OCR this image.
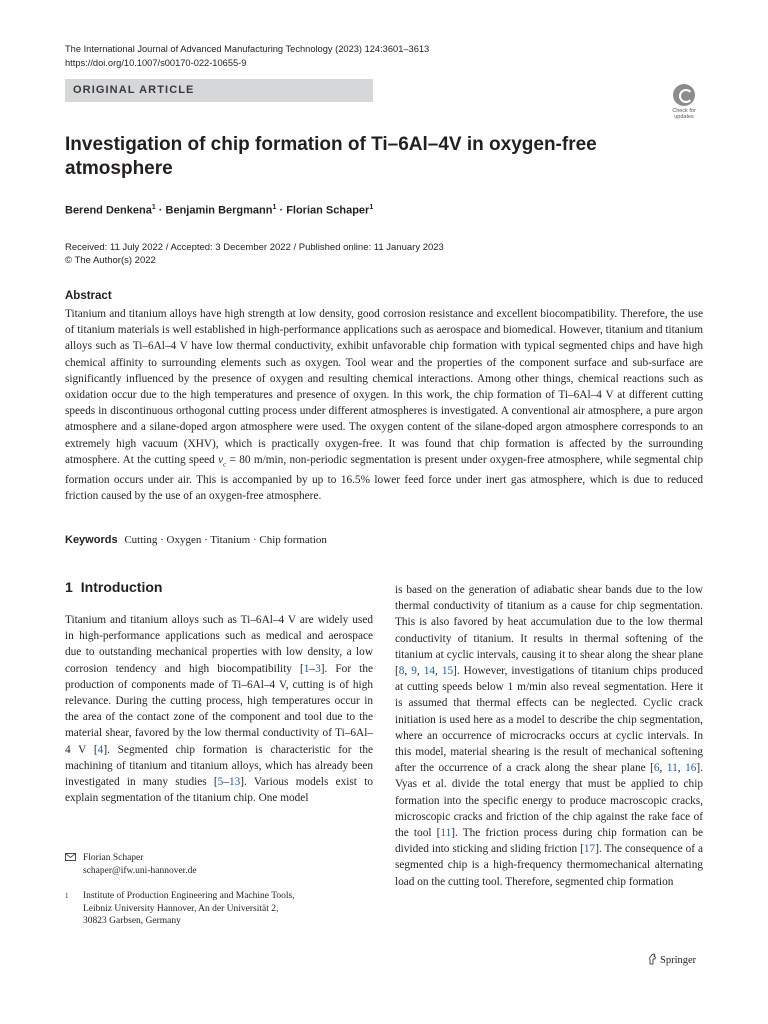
The International Journal of Advanced Manufacturing Technology (2023) 124:3601–3613
https://doi.org/10.1007/s00170-022-10655-9
ORIGINAL ARTICLE
Check for updates
Investigation of chip formation of Ti–6Al–4V in oxygen-free atmosphere
Berend Denkena$^1$ · Benjamin Bergmann$^1$ · Florian Schaper$^1$
Received: 11 July 2022 / Accepted: 3 December 2022 / Published online: 11 January 2023
© The Author(s) 2022
Abstract
Titanium and titanium alloys have high strength at low density, good corrosion resistance and excellent biocompatibility. Therefore, the use of titanium materials is well established in high-performance applications such as aerospace and biomedical. However, titanium and titanium alloys such as Ti–6Al–4 V have low thermal conductivity, exhibit unfavorable chip formation with typical segmented chips and have high chemical affinity to surrounding elements such as oxygen. Tool wear and the properties of the component surface and sub-surface are significantly influenced by the presence of oxygen and resulting chemical interactions. Among other things, chemical reactions such as oxidation occur due to the high temperatures and presence of oxygen. In this work, the chip formation of Ti–6Al–4 V at different cutting speeds in discontinuous orthogonal cutting process under different atmospheres is investigated. A conventional air atmosphere, a pure argon atmosphere and a silane-doped argon atmosphere were used. The oxygen content of the silane-doped argon atmosphere corresponds to an extremely high vacuum (XHV), which is practically oxygen-free. It was found that chip formation is affected by the surrounding atmosphere. At the cutting speed $v_c = 80$ m/min, non-periodic segmentation is present under oxygen-free atmosphere, while segmental chip formation occurs under air. This is accompanied by up to 16.5% lower feed force under inert gas atmosphere, which is due to reduced friction caused by the use of an oxygen-free atmosphere.
Keywords Cutting · Oxygen · Titanium · Chip formation
1 Introduction
Titanium and titanium alloys such as Ti–6Al–4 V are widely used in high-performance applications such as medical and aerospace due to outstanding mechanical properties with low density, a low corrosion tendency and high biocompatibility [1–3]. For the production of components made of Ti–6Al–4 V, cutting is of high relevance. During the cutting process, high temperatures occur in the area of the contact zone of the component and tool due to the material shear, favored by the low thermal conductivity of Ti–6Al–4 V [4]. Segmented chip formation is characteristic for the machining of titanium and titanium alloys, which has already been investigated in many studies [5–13]. Various models exist to explain segmentation of the titanium chip. One model
is based on the generation of adiabatic shear bands due to the low thermal conductivity of titanium as a cause for chip segmentation. This is also favored by heat accumulation due to the low thermal conductivity of titanium. It results in thermal softening of the titanium at cyclic intervals, causing it to shear along the shear plane [8, 9, 14, 15]. However, investigations of titanium chips produced at cutting speeds below 1 m/min also reveal segmentation. Here it is assumed that thermal effects can be neglected. Cyclic crack initiation is used here as a model to describe the chip segmentation, where an occurrence of microcracks occurs at cyclic intervals. In this model, material shearing is the result of mechanical softening after the occurrence of a crack along the shear plane [6, 11, 16]. Vyas et al. divide the total energy that must be applied to chip formation into the specific energy to produce macroscopic cracks, microscopic cracks and friction of the chip against the rake face of the tool [11]. The friction process during chip formation can be divided into sticking and sliding friction [17]. The consequence of a segmented chip is a high-frequency thermomechanical alternating load on the cutting tool. Therefore, segmented chip formation
Florian Schaper
schaper@ifw.uni-hannover.de
1 Institute of Production Engineering and Machine Tools,
Leibniz University Hannover, An der Universität 2,
30823 Garbsen, Germany
Springer
